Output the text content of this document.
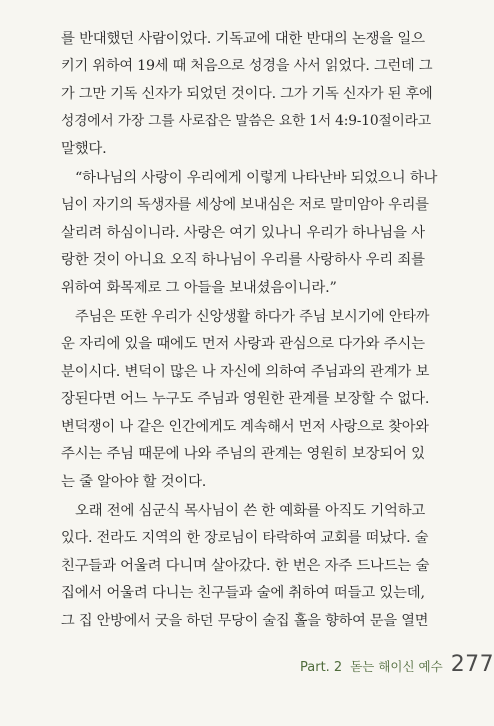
를 반대했던 사람이었다. 기독교에 대한 반대의 논쟁을 일으
키기 위하여 19세 때 처음으로 성경을 사서 읽었다. 그런데 그
가 그만 기독 신자가 되었던 것이다. 그가 기독 신자가 된 후에
성경에서 가장 그를 사로잡은 말씀은 요한 1서 4:9-10절이라고
말했다.
“하나님의 사랑이 우리에게 이렇게 나타난바 되었으니 하나
님이 자기의 독생자를 세상에 보내심은 저로 말미암아 우리를
살리려 하심이니라. 사랑은 여기 있나니 우리가 하나님을 사
랑한 것이 아니요 오직 하나님이 우리를 사랑하사 우리 죄를
위하여 화목제로 그 아들을 보내셨음이니라.”
주님은 또한 우리가 신앙생활 하다가 주님 보시기에 안타까
운 자리에 있을 때에도 먼저 사랑과 관심으로 다가와 주시는
분이시다. 변덕이 많은 나 자신에 의하여 주님과의 관계가 보
장된다면 어느 누구도 주님과 영원한 관계를 보장할 수 없다.
변덕쟁이 나 같은 인간에게도 계속해서 먼저 사랑으로 찾아와
주시는 주님 때문에 나와 주님의 관계는 영원히 보장되어 있
는 줄 알아야 할 것이다.
오래 전에 심군식 목사님이 쓴 한 예화를 아직도 기억하고
있다. 전라도 지역의 한 장로님이 타락하여 교회를 떠났다. 술
친구들과 어울려 다니며 살아갔다. 한 번은 자주 드나드는 술
집에서 어울려 다니는 친구들과 술에 취하여 떠들고 있는데,
그 집 안방에서 굿을 하던 무당이 술집 홀을 향하여 문을 열면
Part. 2 돋는 해이신 예수 277
